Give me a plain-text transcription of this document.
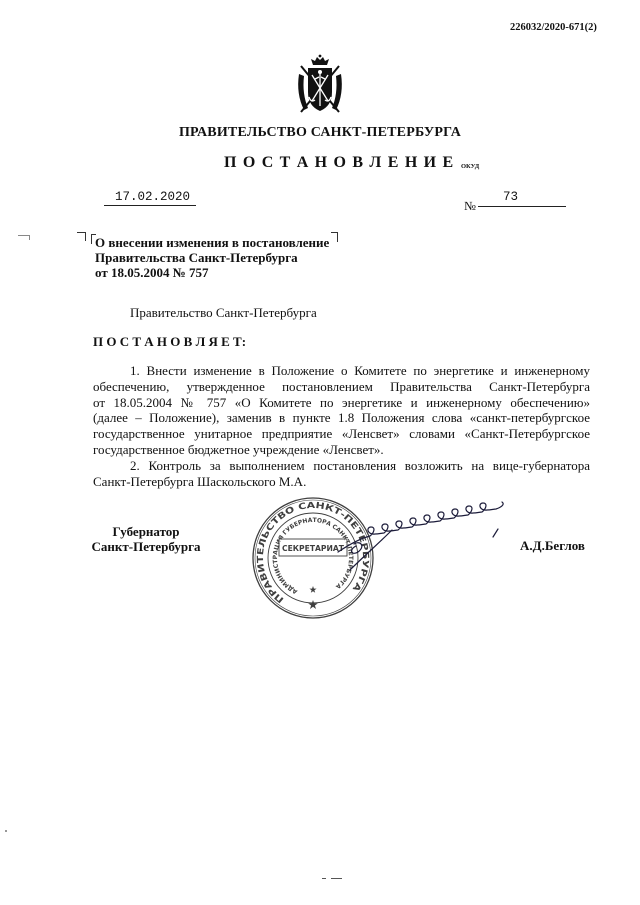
226032/2020-671(2)
ПРАВИТЕЛЬСТВО САНКТ-ПЕТЕРБУРГА
П О С Т А Н О В Л Е Н И Е ОКУД
17.02.2020
№
73
О внесении изменения в постановление
Правительства Санкт-Петербурга
от 18.05.2004 № 757
Правительство Санкт-Петербурга
П О С Т А Н О В Л Я Е Т:
1. Внести изменение в Положение о Комитете по энергетике и инженерному
обеспечению, утвержденное постановлением Правительства Санкт-Петербурга
от 18.05.2004 № 757 «О Комитете по энергетике и инженерному обеспечению»
(далее – Положение), заменив в пункте 1.8 Положения слова «санкт-петербургское
государственное унитарное предприятие «Ленсвет» словами «Санкт-Петербургское
государственное бюджетное учреждение «Ленсвет».
2. Контроль за выполнением постановления возложить на вице-губернатора
Санкт-Петербурга Шаскольского М.А.
Губернатор
Санкт-Петербурга
ПРАВИТЕЛЬСТВО САНКТ-ПЕТЕРБУРГА
АДМИНИСТРАЦ Я ГУБЕРНАТОРА САНК -ПЕТЕРБУРГА
СЕКРЕТАРИАТ	А.Д.Беглов
